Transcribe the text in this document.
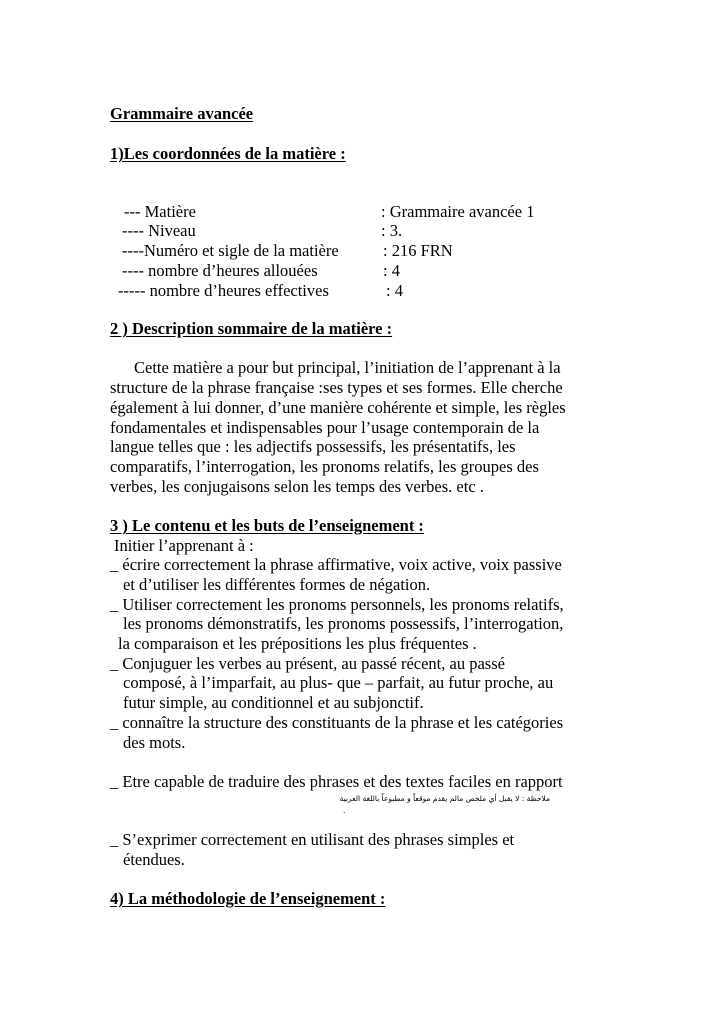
Grammaire avancée
1)Les coordonnées de la matière :
--- Matière	: Grammaire avancée 1
---- Niveau	: 3.
----Numéro et sigle de la matière	: 216 FRN
---- nombre d’heures allouées	: 4
----- nombre d’heures effectives	: 4
2 ) Description sommaire de la matière :
Cette matière a pour but principal, l’initiation de l’apprenant à la
structure de la phrase française :ses types et ses formes. Elle cherche
également à lui donner, d’une manière cohérente et simple, les règles
fondamentales et indispensables pour l’usage contemporain de la
langue telles que : les adjectifs possessifs, les présentatifs, les
comparatifs, l’interrogation, les pronoms relatifs, les groupes des
verbes, les conjugaisons selon les temps des verbes. etc .
3 ) Le contenu et les buts de l’enseignement :
Initier l’apprenant à :
_ écrire correctement la phrase affirmative, voix active, voix passive
et d’utiliser les différentes formes de négation.
_ Utiliser correctement les pronoms personnels, les pronoms relatifs,
les pronoms démonstratifs, les pronoms possessifs, l’interrogation,
la comparaison et les prépositions les plus fréquentes .
_ Conjuguer les verbes au présent, au passé récent, au passé
composé, à l’imparfait, au plus- que – parfait, au futur proche, au
futur simple, au conditionnel et au subjonctif.
_ connaître la structure des constituants de la phrase et les catégories
des mots.
_ Etre capable de traduire des phrases et des textes faciles en rapport
ملاحظة : لا يقبل أي ملخص مالم يقدم موقعاً و مطبوعاً باللغة العربية
.
_ S’exprimer correctement en utilisant des phrases simples et
étendues.
4) La méthodologie de l’enseignement :
